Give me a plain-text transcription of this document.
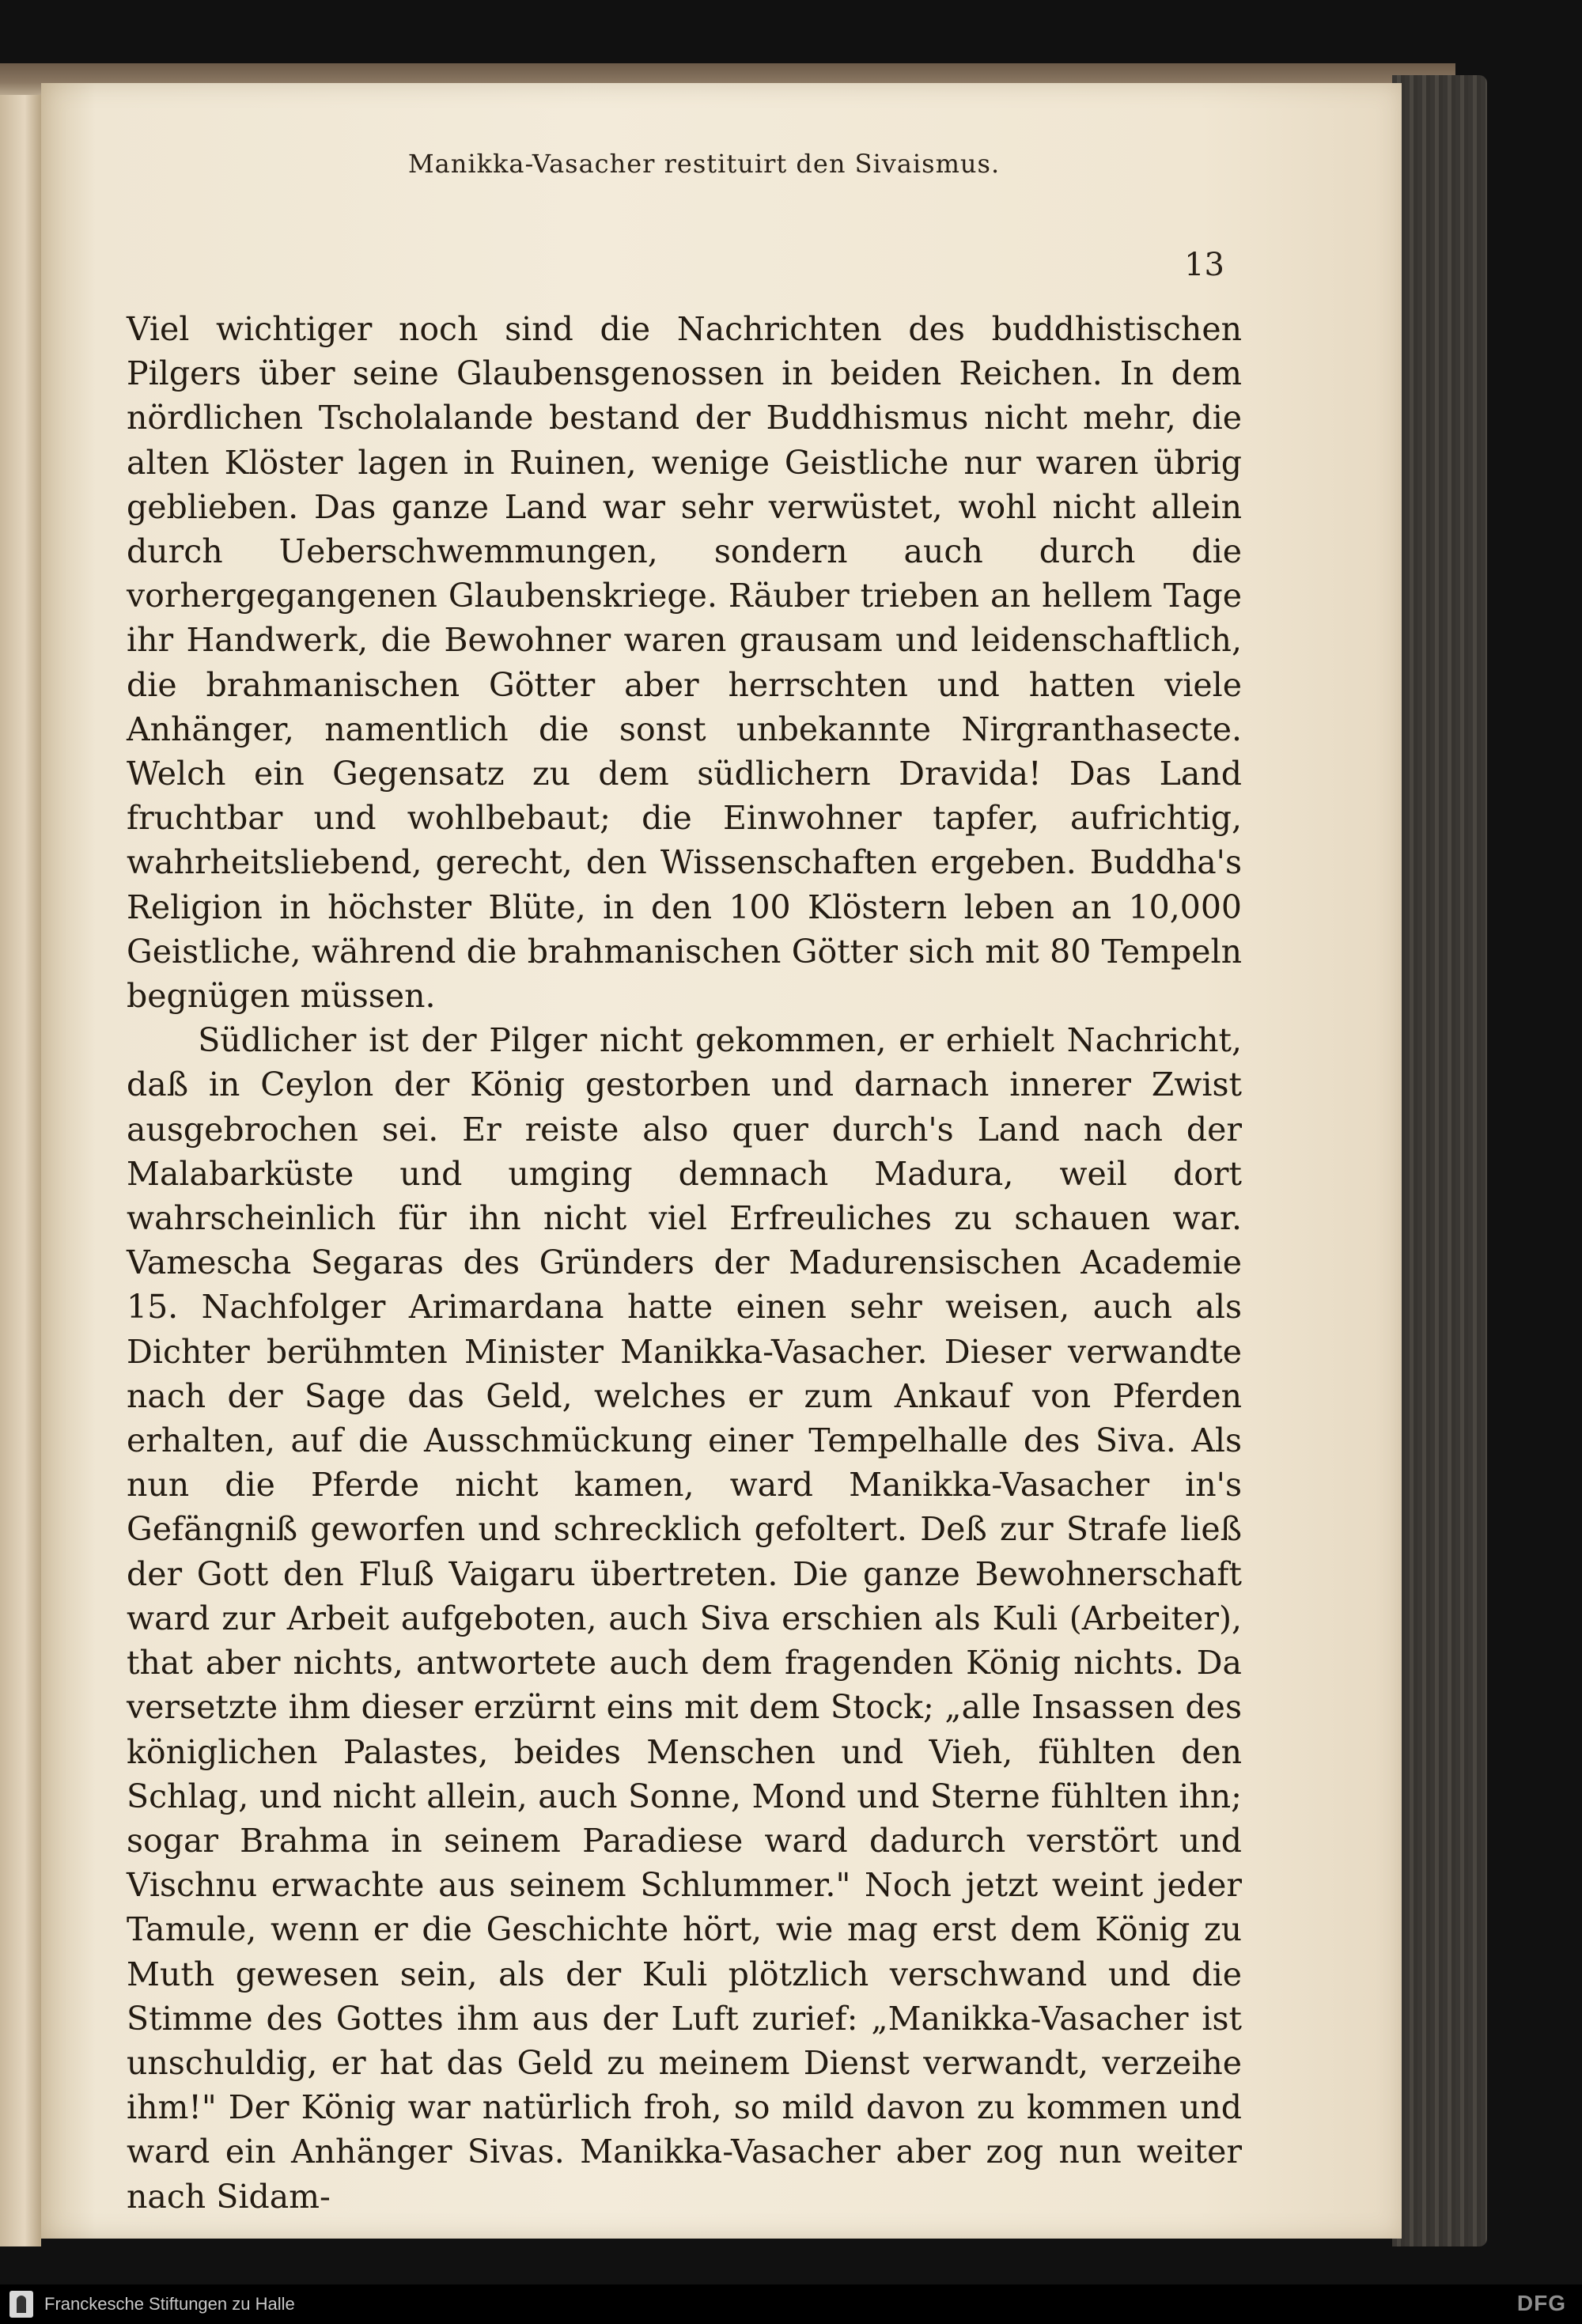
Manikka-Vasacher restituirt den Sivaismus.
13

Viel wichtiger noch sind die Nachrichten des buddhistischen Pilgers über seine Glaubensgenossen in beiden Reichen. In dem nördlichen Tscholalande bestand der Buddhismus nicht mehr, die alten Klöster lagen in Ruinen, wenige Geistliche nur waren übrig geblieben. Das ganze Land war sehr verwüstet, wohl nicht allein durch Ueberschwemmungen, sondern auch durch die vorhergegangenen Glaubenskriege. Räuber trieben an hellem Tage ihr Handwerk, die Bewohner waren grausam und leidenschaftlich, die brahmanischen Götter aber herrschten und hatten viele Anhänger, namentlich die sonst unbekannte Nirgranthasecte. Welch ein Gegensatz zu dem südlichern Dravida! Das Land fruchtbar und wohlbebaut; die Einwohner tapfer, aufrichtig, wahrheitsliebend, gerecht, den Wissenschaften ergeben. Buddha's Religion in höchster Blüte, in den 100 Klöstern leben an 10,000 Geistliche, während die brahmanischen Götter sich mit 80 Tempeln begnügen müssen.

Südlicher ist der Pilger nicht gekommen, er erhielt Nachricht, daß in Ceylon der König gestorben und darnach innerer Zwist ausgebrochen sei. Er reiste also quer durch's Land nach der Malabarküste und umging demnach Madura, weil dort wahrscheinlich für ihn nicht viel Erfreuliches zu schauen war. Vamescha Segaras des Gründers der Madurensischen Academie 15. Nachfolger Arimardana hatte einen sehr weisen, auch als Dichter berühmten Minister Manikka-Vasacher. Dieser verwandte nach der Sage das Geld, welches er zum Ankauf von Pferden erhalten, auf die Ausschmückung einer Tempelhalle des Siva. Als nun die Pferde nicht kamen, ward Manikka-Vasacher in's Gefängniß geworfen und schrecklich gefoltert. Deß zur Strafe ließ der Gott den Fluß Vaigaru übertreten. Die ganze Bewohnerschaft ward zur Arbeit aufgeboten, auch Siva erschien als Kuli (Arbeiter), that aber nichts, antwortete auch dem fragenden König nichts. Da versetzte ihm dieser erzürnt eins mit dem Stock; „alle Insassen des königlichen Palastes, beides Menschen und Vieh, fühlten den Schlag, und nicht allein, auch Sonne, Mond und Sterne fühlten ihn; sogar Brahma in seinem Paradiese ward dadurch verstört und Vischnu erwachte aus seinem Schlummer." Noch jetzt weint jeder Tamule, wenn er die Geschichte hört, wie mag erst dem König zu Muth gewesen sein, als der Kuli plötzlich verschwand und die Stimme des Gottes ihm aus der Luft zurief: „Manikka-Vasacher ist unschuldig, er hat das Geld zu meinem Dienst verwandt, verzeihe ihm!" Der König war natürlich froh, so mild davon zu kommen und ward ein Anhänger Sivas. Manikka-Vasacher aber zog nun weiter nach Sidam-

Franckesche Stiftungen zu Halle	DFG
